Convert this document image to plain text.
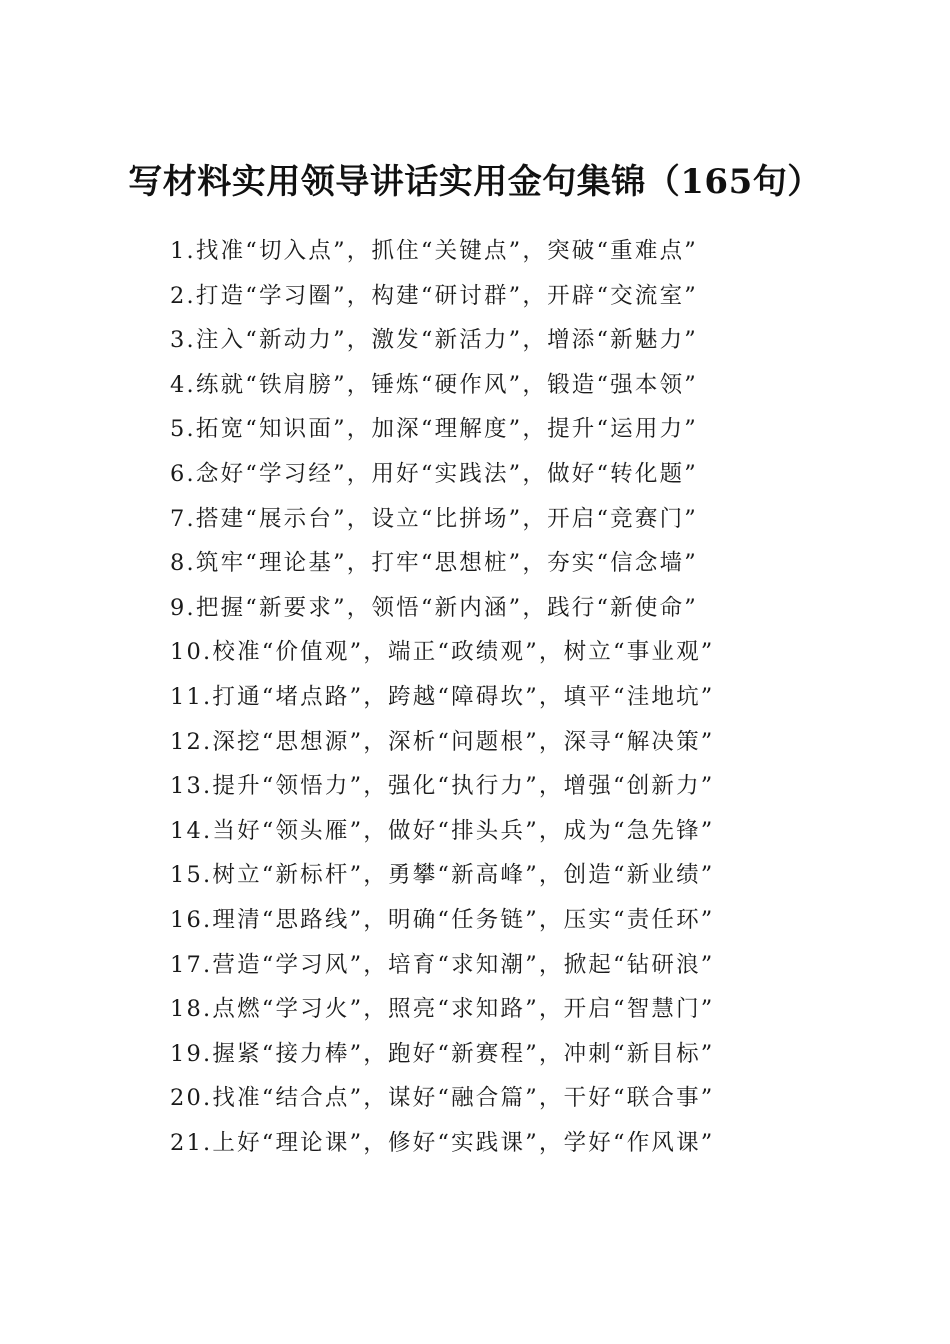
写材料实用领导讲话实用金句集锦（165句）
1.找准“切入点”，抓住“关键点”，突破“重难点”
2.打造“学习圈”，构建“研讨群”，开辟“交流室”
3.注入“新动力”，激发“新活力”，增添“新魅力”
4.练就“铁肩膀”，锤炼“硬作风”，锻造“强本领”
5.拓宽“知识面”，加深“理解度”，提升“运用力”
6.念好“学习经”，用好“实践法”，做好“转化题”
7.搭建“展示台”，设立“比拼场”，开启“竞赛门”
8.筑牢“理论基”，打牢“思想桩”，夯实“信念墙”
9.把握“新要求”，领悟“新内涵”，践行“新使命”
10.校准“价值观”，端正“政绩观”，树立“事业观”
11.打通“堵点路”，跨越“障碍坎”，填平“洼地坑”
12.深挖“思想源”，深析“问题根”，深寻“解决策”
13.提升“领悟力”，强化“执行力”，增强“创新力”
14.当好“领头雁”，做好“排头兵”，成为“急先锋”
15.树立“新标杆”，勇攀“新高峰”，创造“新业绩”
16.理清“思路线”，明确“任务链”，压实“责任环”
17.营造“学习风”，培育“求知潮”，掀起“钻研浪”
18.点燃“学习火”，照亮“求知路”，开启“智慧门”
19.握紧“接力棒”，跑好“新赛程”，冲刺“新目标”
20.找准“结合点”，谋好“融合篇”，干好“联合事”
21.上好“理论课”，修好“实践课”，学好“作风课”
